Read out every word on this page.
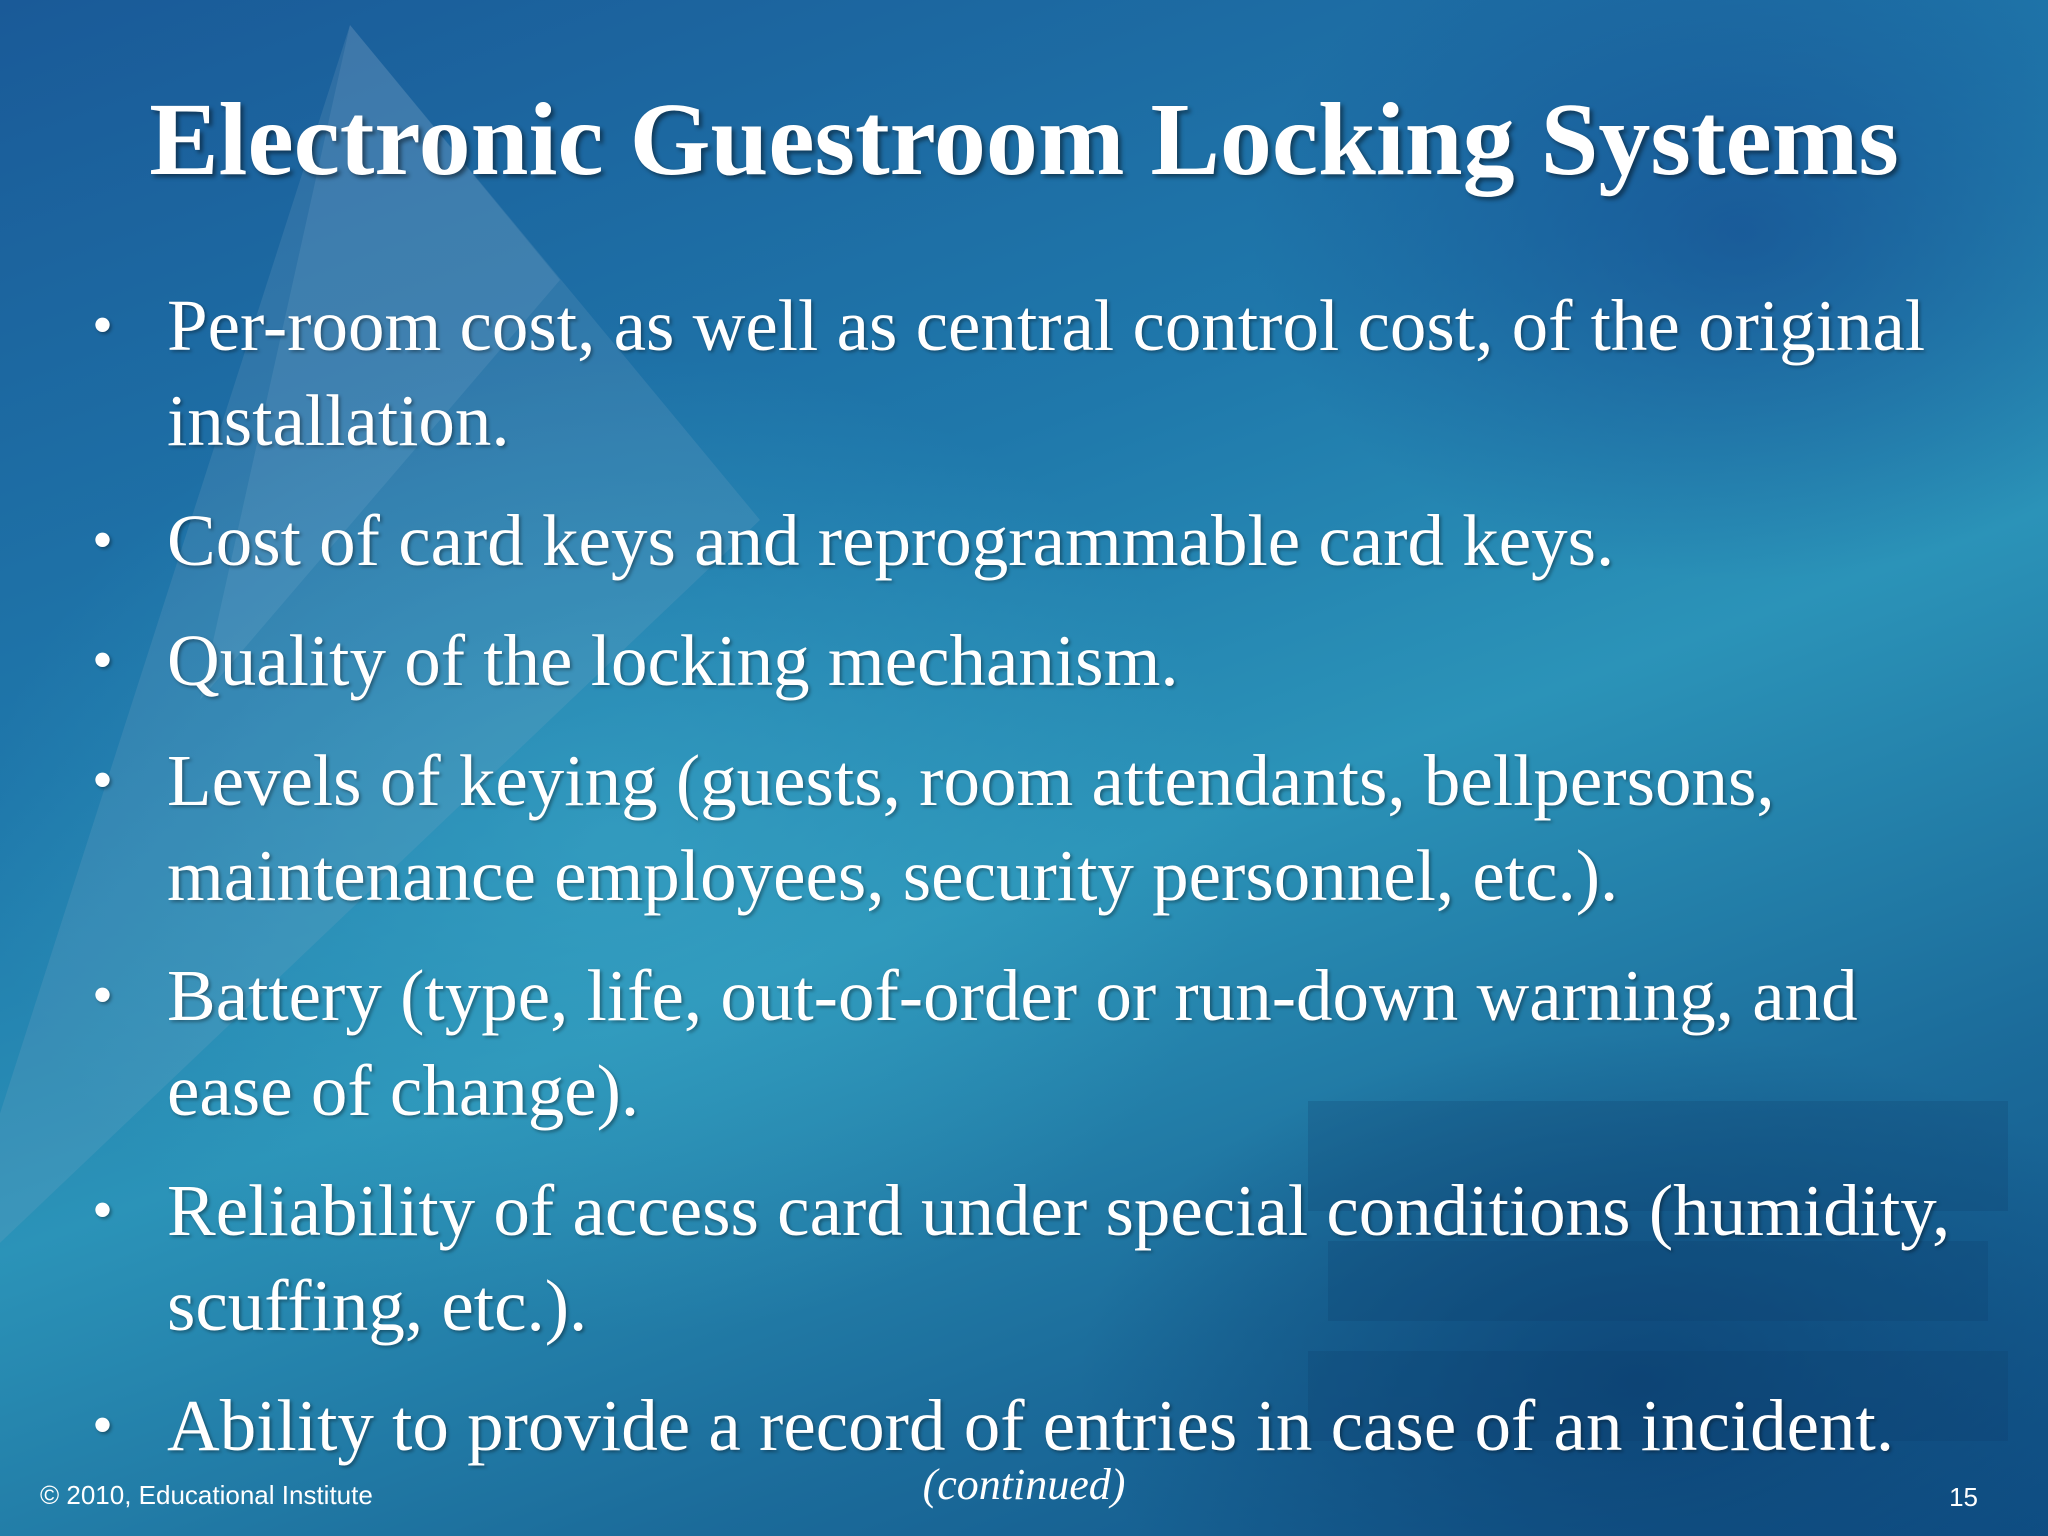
Electronic Guestroom Locking Systems
• Per-room cost, as well as central control cost, of the original installation.
• Cost of card keys and reprogrammable card keys.
• Quality of the locking mechanism.
• Levels of keying (guests, room attendants, bellpersons, maintenance employees, security personnel, etc.).
• Battery (type, life, out-of-order or run-down warning, and ease of change).
• Reliability of access card under special conditions (humidity, scuffing, etc.).
• Ability to provide a record of entries in case of an incident.
© 2010, Educational Institute	(continued)	15
